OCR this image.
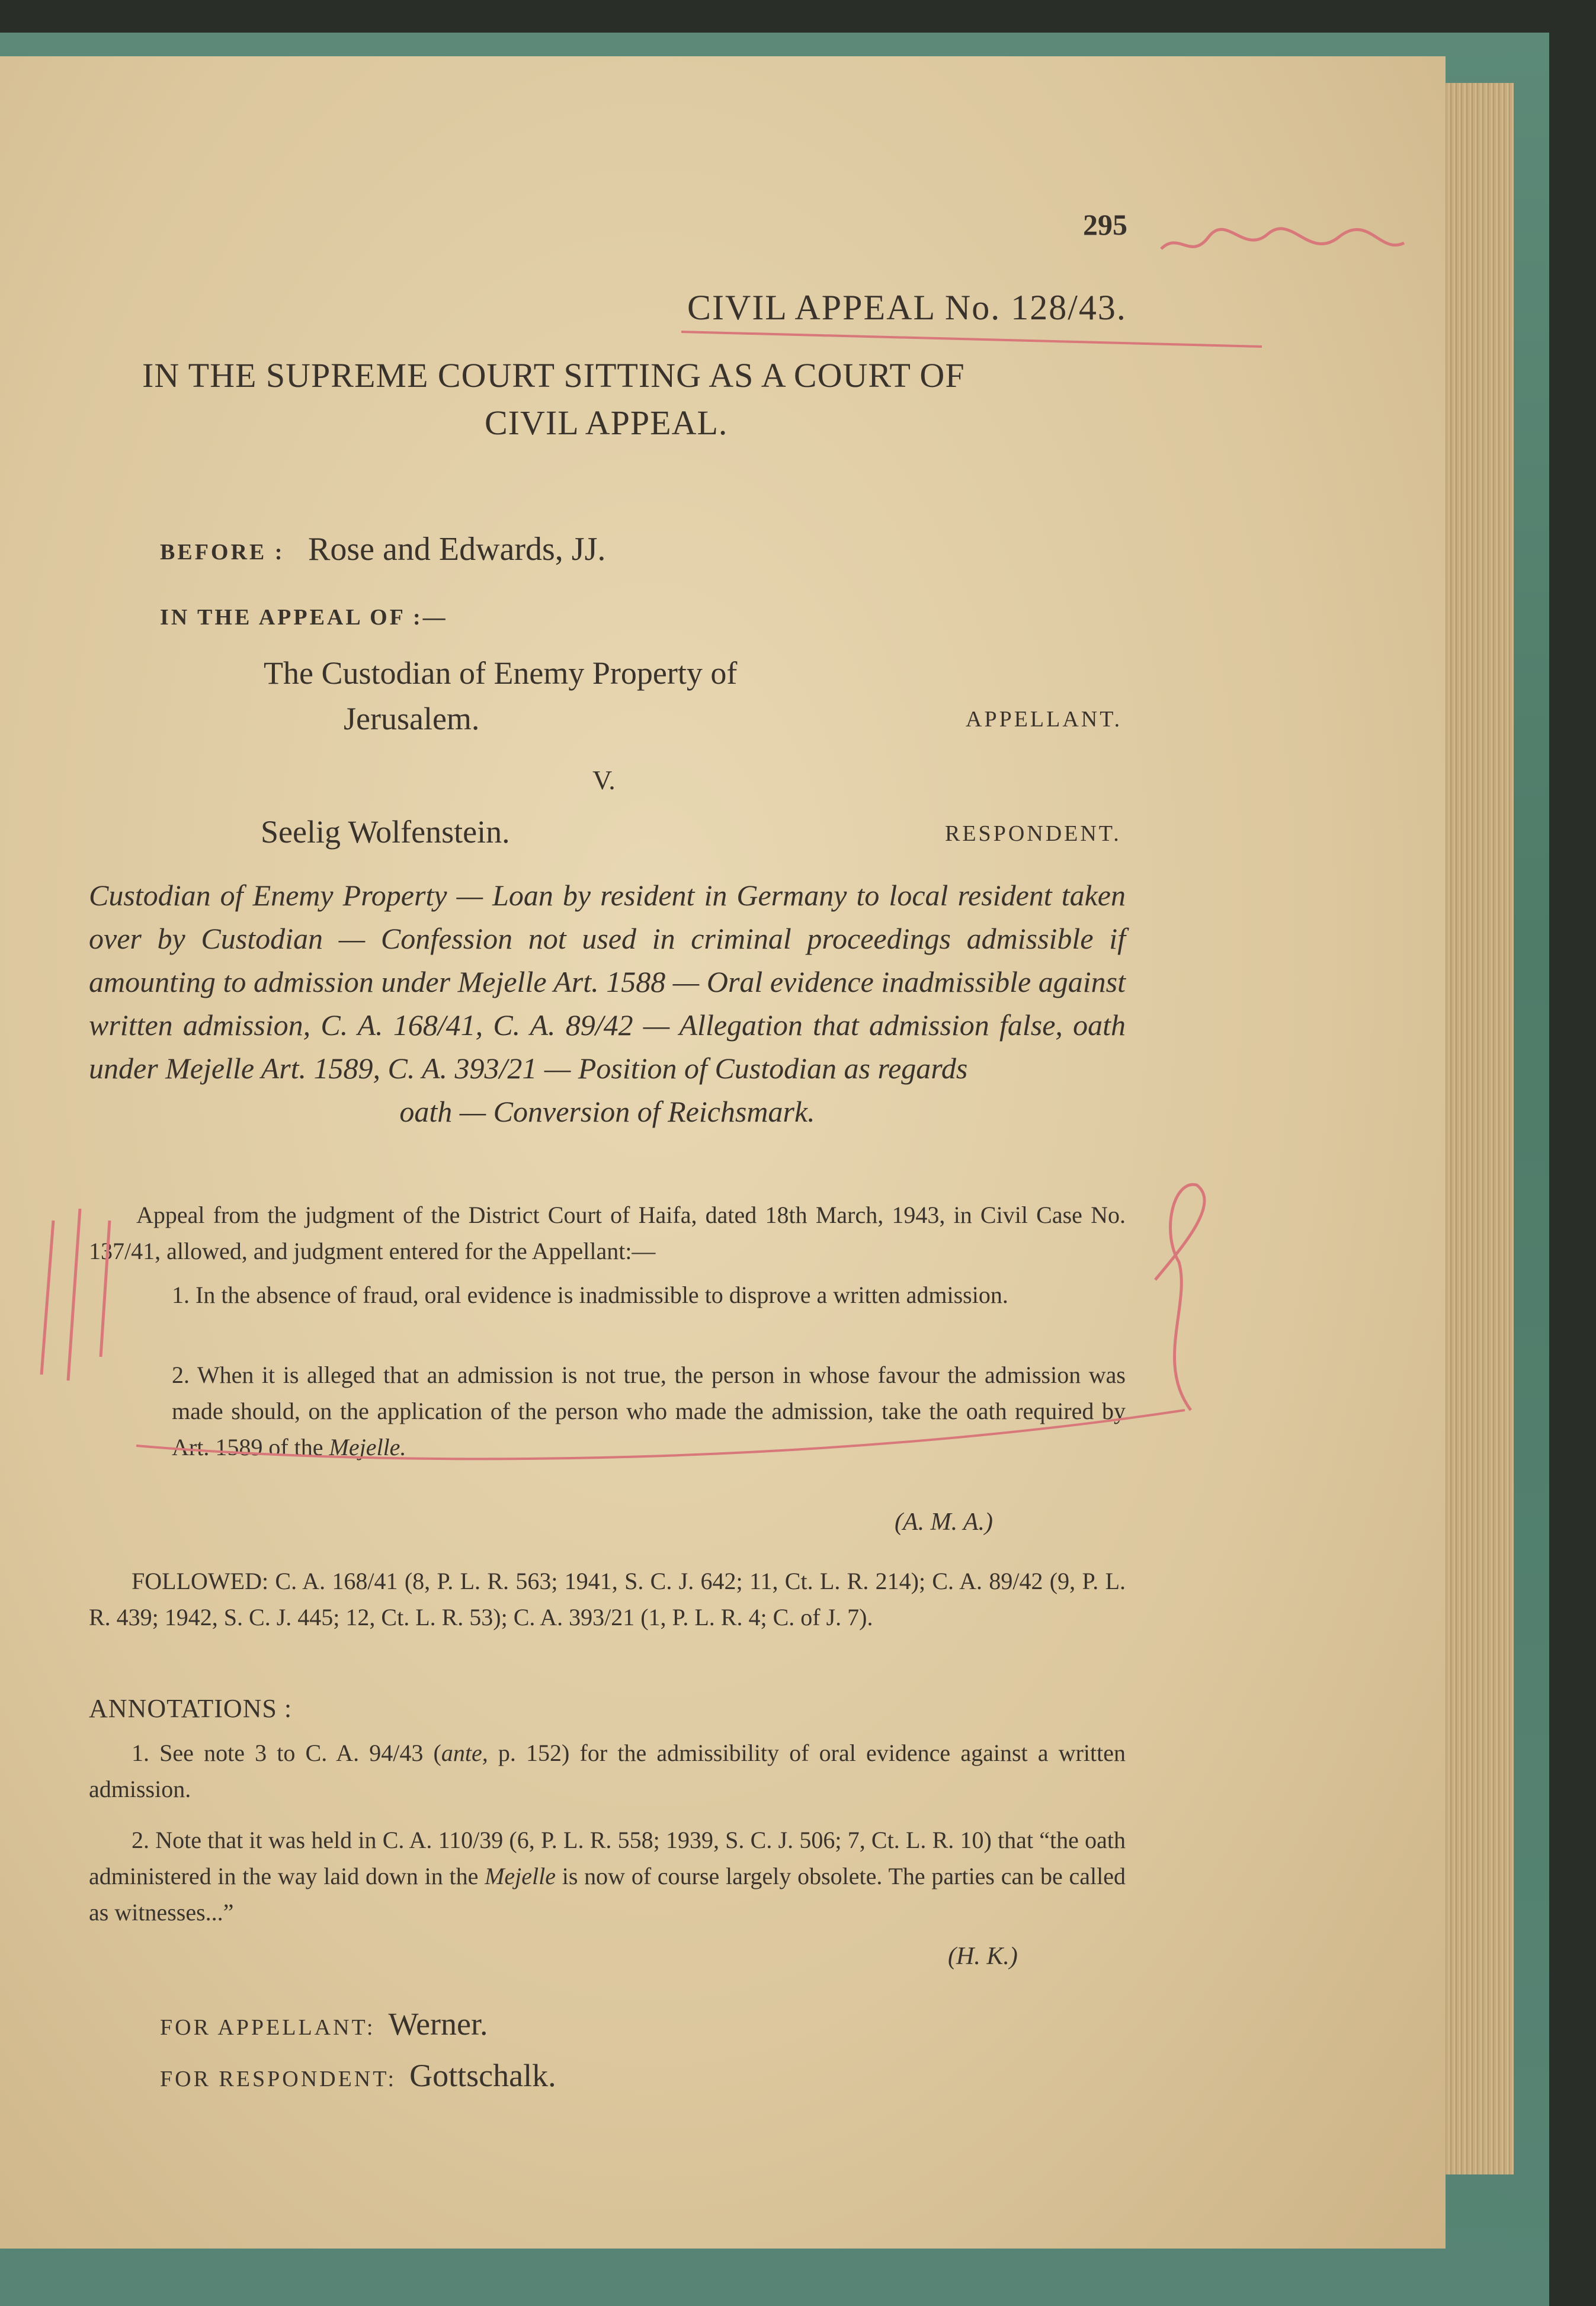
295
CIVIL APPEAL No. 128/43.
IN THE SUPREME COURT SITTING AS A COURT OF
CIVIL APPEAL.
BEFORE : Rose and Edwards, JJ.
IN THE APPEAL OF :—
The Custodian of Enemy Property of
Jerusalem.	APPELLANT.
V.
Seelig Wolfenstein.	RESPONDENT.
Custodian of Enemy Property — Loan by resident in Germany to local resident taken over by Custodian — Confession not used in criminal proceedings admissible if amounting to admission under Mejelle Art. 1588 — Oral evidence inadmissible against written admission, C. A. 168/41, C. A. 89/42 — Allegation that admission false, oath under Mejelle Art. 1589, C. A. 393/21 — Position of Custodian as regards
oath — Conversion of Reichsmark.
Appeal from the judgment of the District Court of Haifa, dated 18th March, 1943, in Civil Case No. 137/41, allowed, and judgment entered for the Appellant:—
1. In the absence of fraud, oral evidence is inadmissible to disprove a written admission.
2. When it is alleged that an admission is not true, the person in whose favour the admission was made should, on the application of the person who made the admission, take the oath required by Art. 1589 of the Mejelle.
(A. M. A.)
FOLLOWED: C. A. 168/41 (8, P. L. R. 563; 1941, S. C. J. 642; 11, Ct. L. R. 214); C. A. 89/42 (9, P. L. R. 439; 1942, S. C. J. 445; 12, Ct. L. R. 53); C. A. 393/21 (1, P. L. R. 4; C. of J. 7).
ANNOTATIONS :
1. See note 3 to C. A. 94/43 (ante, p. 152) for the admissibility of oral evidence against a written admission.
2. Note that it was held in C. A. 110/39 (6, P. L. R. 558; 1939, S. C. J. 506; 7, Ct. L. R. 10) that “the oath administered in the way laid down in the Mejelle is now of course largely obsolete. The parties can be called as witnesses...”
(H. K.)
FOR APPELLANT: Werner.
FOR RESPONDENT: Gottschalk.
